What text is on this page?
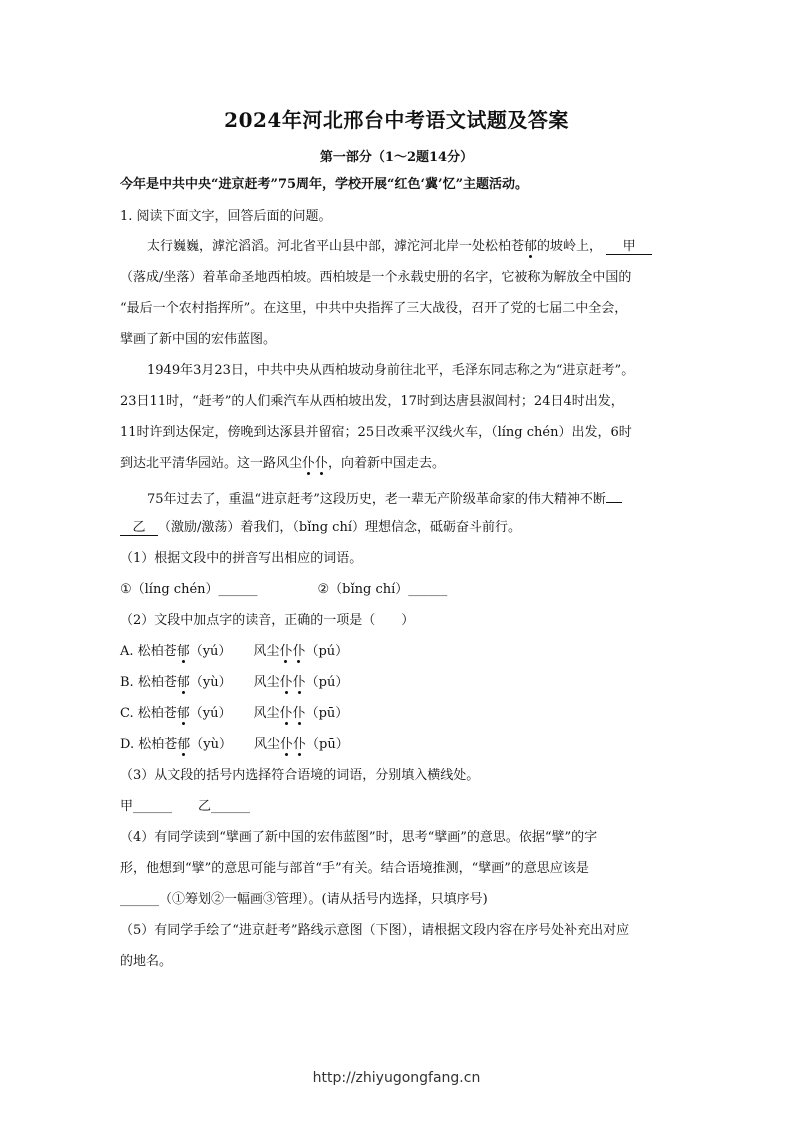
2024年河北邢台中考语文试题及答案
第一部分（1～2题14分）
今年是中共中央“进京赶考”75周年，学校开展“红色‘冀’忆”主题活动。
1. 阅读下面文字，回答后面的问题。
太行巍巍，滹沱滔滔。河北省平山县中部，滹沱河北岸一处松柏苍郁的坡岭上， 甲
（落成/坐落）着革命圣地西柏坡。西柏坡是一个永载史册的名字，它被称为解放全中国的
“最后一个农村指挥所”。在这里，中共中央指挥了三大战役，召开了党的七届二中全会，
擘画了新中国的宏伟蓝图。
1949年3月23日，中共中央从西柏坡动身前往北平，毛泽东同志称之为“进京赶考”。
23日11时，“赶考”的人们乘汽车从西柏坡出发，17时到达唐县淑闾村；24日4时出发，
11时许到达保定，傍晚到达涿县并留宿；25日改乘平汉线火车，（líng chén）出发，6时
到达北平清华园站。这一路风尘仆仆，向着新中国走去。
75年过去了，重温“进京赶考”这段历史，老一辈无产阶级革命家的伟大精神不断
乙 （激励/激荡）着我们，（bǐng chí）理想信念，砥砺奋斗前行。
（1）根据文段中的拼音写出相应的词语。
①（líng chén）______	②（bǐng chí）______
（2）文段中加点字的读音，正确的一项是（　　）
A. 松柏苍郁（yú） 风尘仆仆（pú）
B. 松柏苍郁（yù） 风尘仆仆（pú）
C. 松柏苍郁（yú） 风尘仆仆（pū）
D. 松柏苍郁（yù） 风尘仆仆（pū）
（3）从文段的括号内选择符合语境的词语，分别填入横线处。
甲______ 乙______
（4）有同学读到“擘画了新中国的宏伟蓝图”时，思考“擘画”的意思。依据“擘”的字
形，他想到“擘”的意思可能与部首“手”有关。结合语境推测，“擘画”的意思应该是
______（①筹划②一幅画③管理）。(请从括号内选择，只填序号)
（5）有同学手绘了“进京赶考”路线示意图（下图），请根据文段内容在序号处补充出对应
的地名。
http://zhiyugongfang.cn
